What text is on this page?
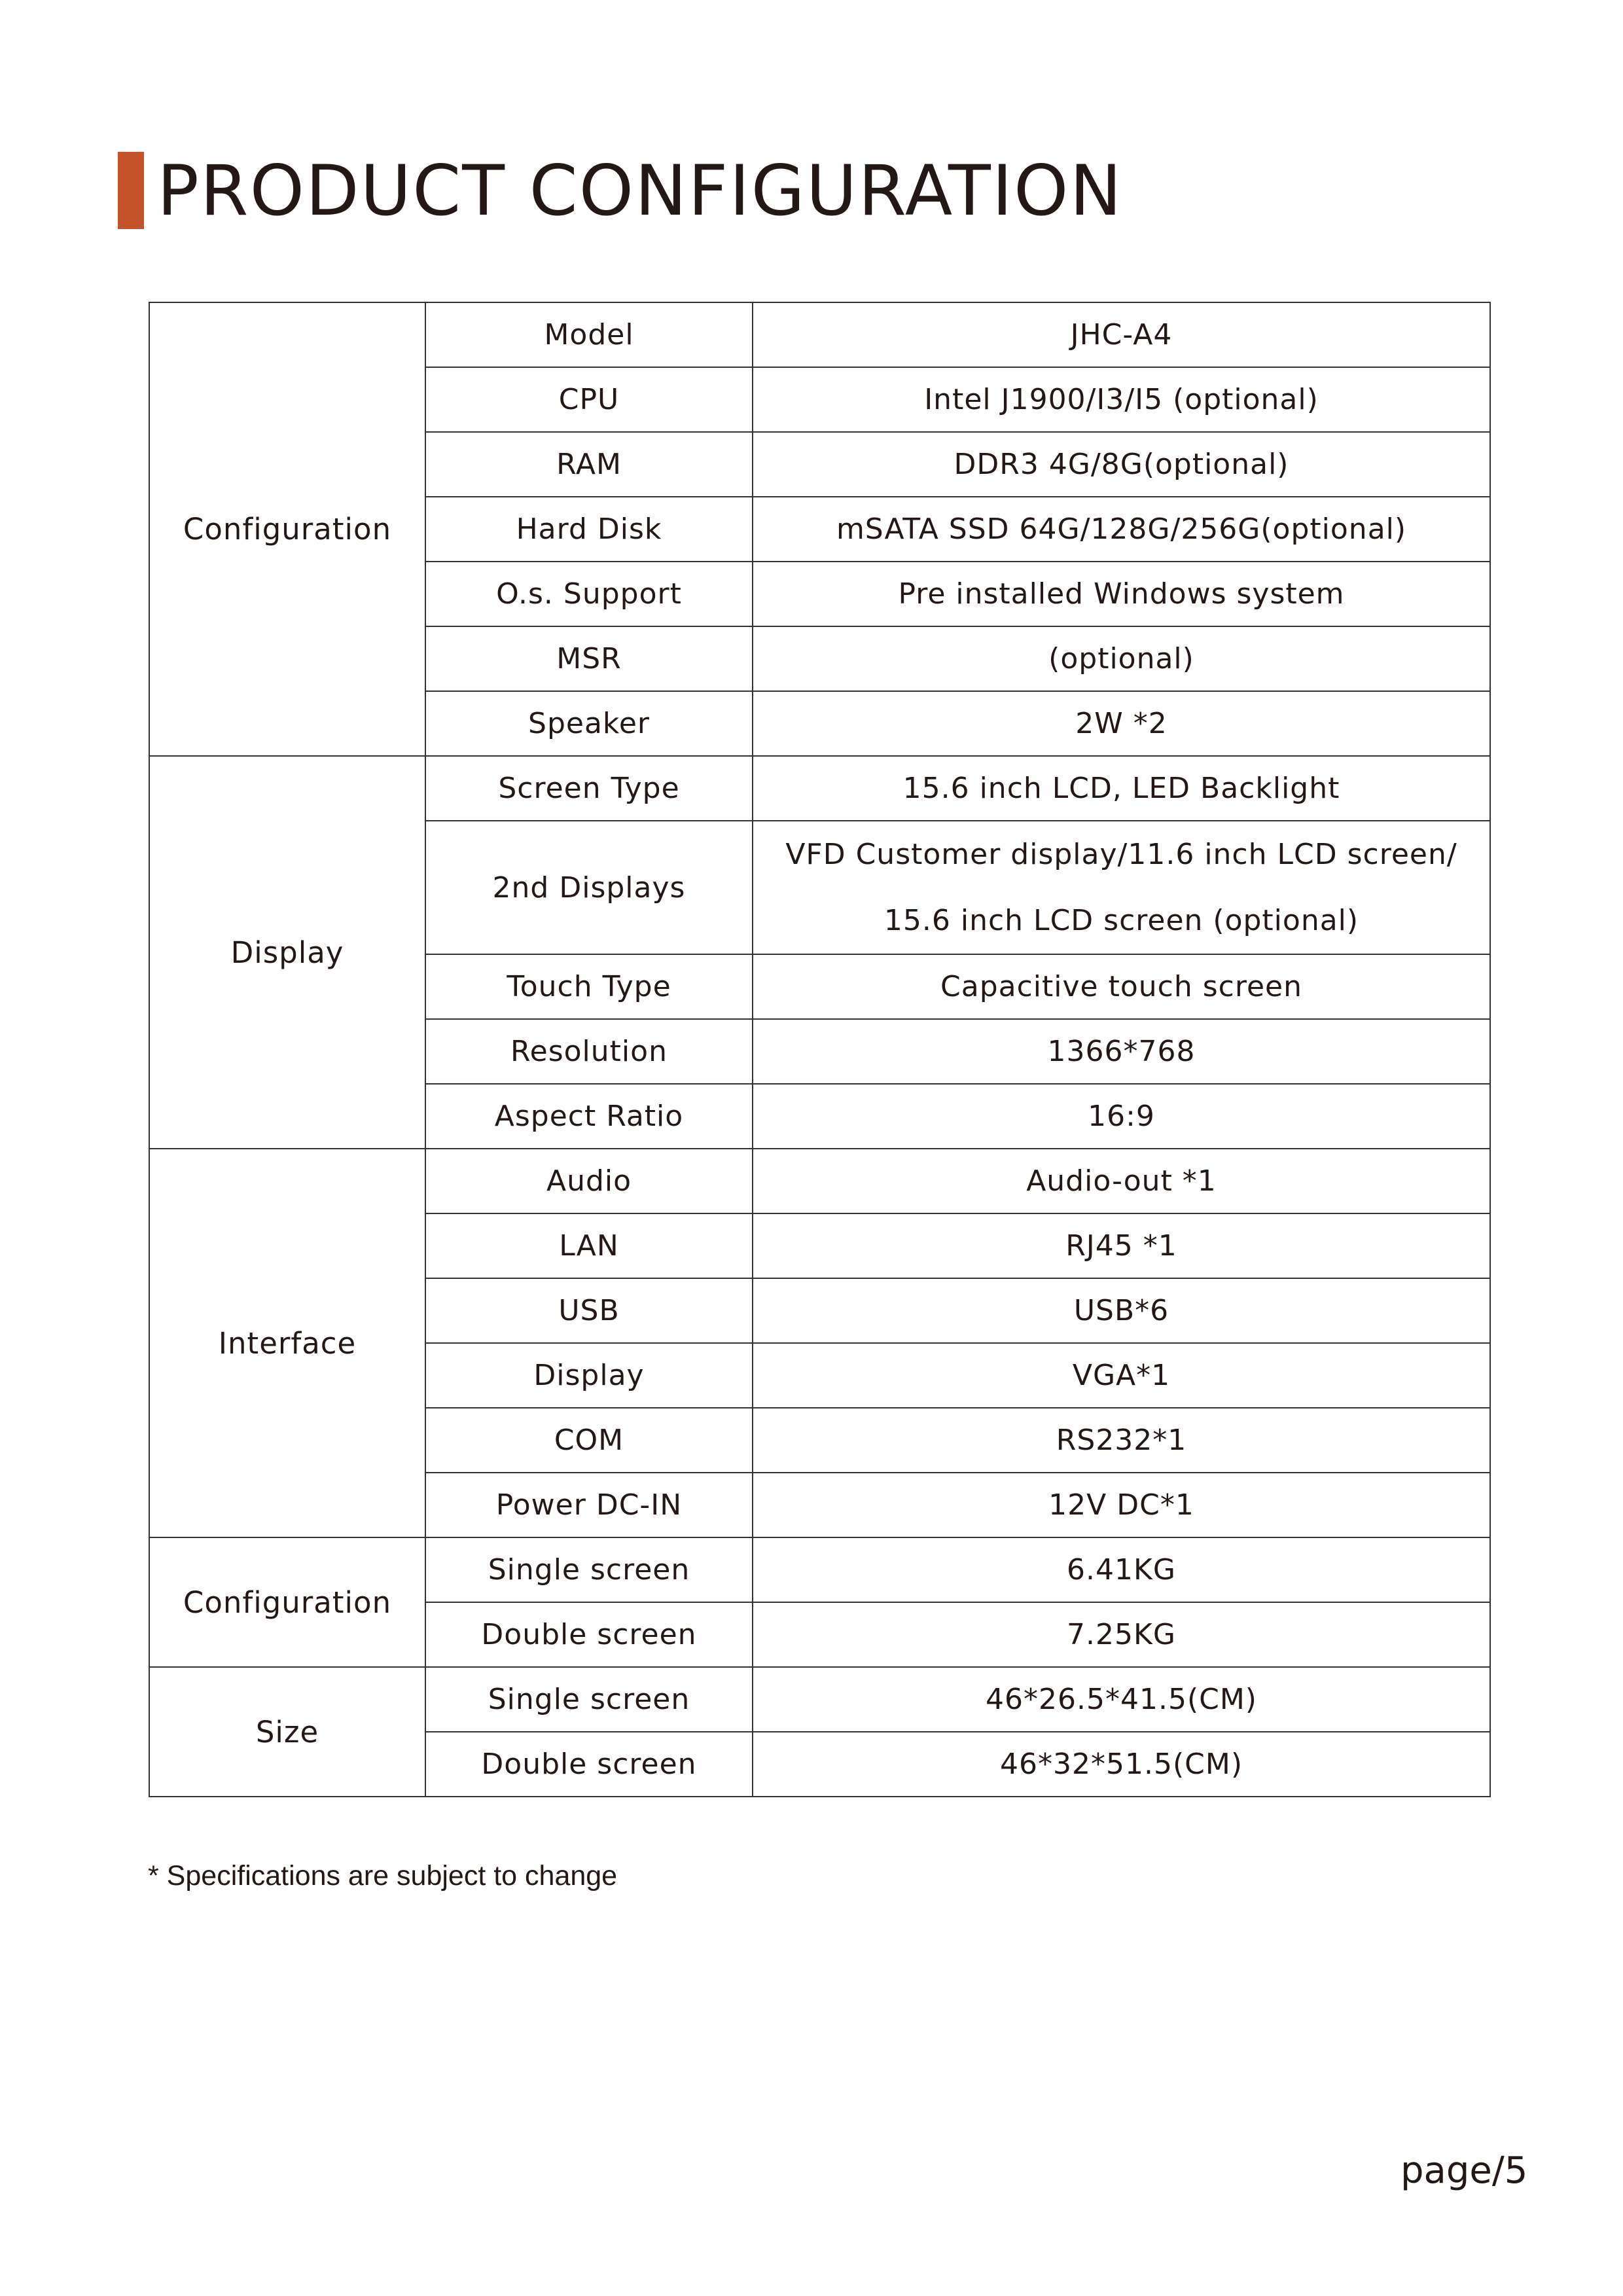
PRODUCT CONFIGURATION
Configuration	Model	JHC-A4
	CPU	Intel J1900/I3/I5 (optional)
	RAM	DDR3 4G/8G(optional)
	Hard Disk	mSATA SSD 64G/128G/256G(optional)
	O.s. Support	Pre installed Windows system
	MSR	(optional)
	Speaker	2W *2
Display	Screen Type	15.6 inch LCD, LED Backlight
	2nd Displays	VFD Customer display/11.6 inch LCD screen/
15.6 inch LCD screen (optional)

	Touch Type	Capacitive touch screen
	Resolution	1366*768
	Aspect Ratio	16:9
Interface	Audio	Audio-out *1
	LAN	RJ45 *1
	USB	USB*6
	Display	VGA*1
	COM	RS232*1
	Power DC-IN	12V DC*1
Configuration	Single screen	6.41KG
	Double screen	7.25KG
Size	Single screen	46*26.5*41.5(CM)
	Double screen	46*32*51.5(CM)
* Specifications are subject to change
page/5
